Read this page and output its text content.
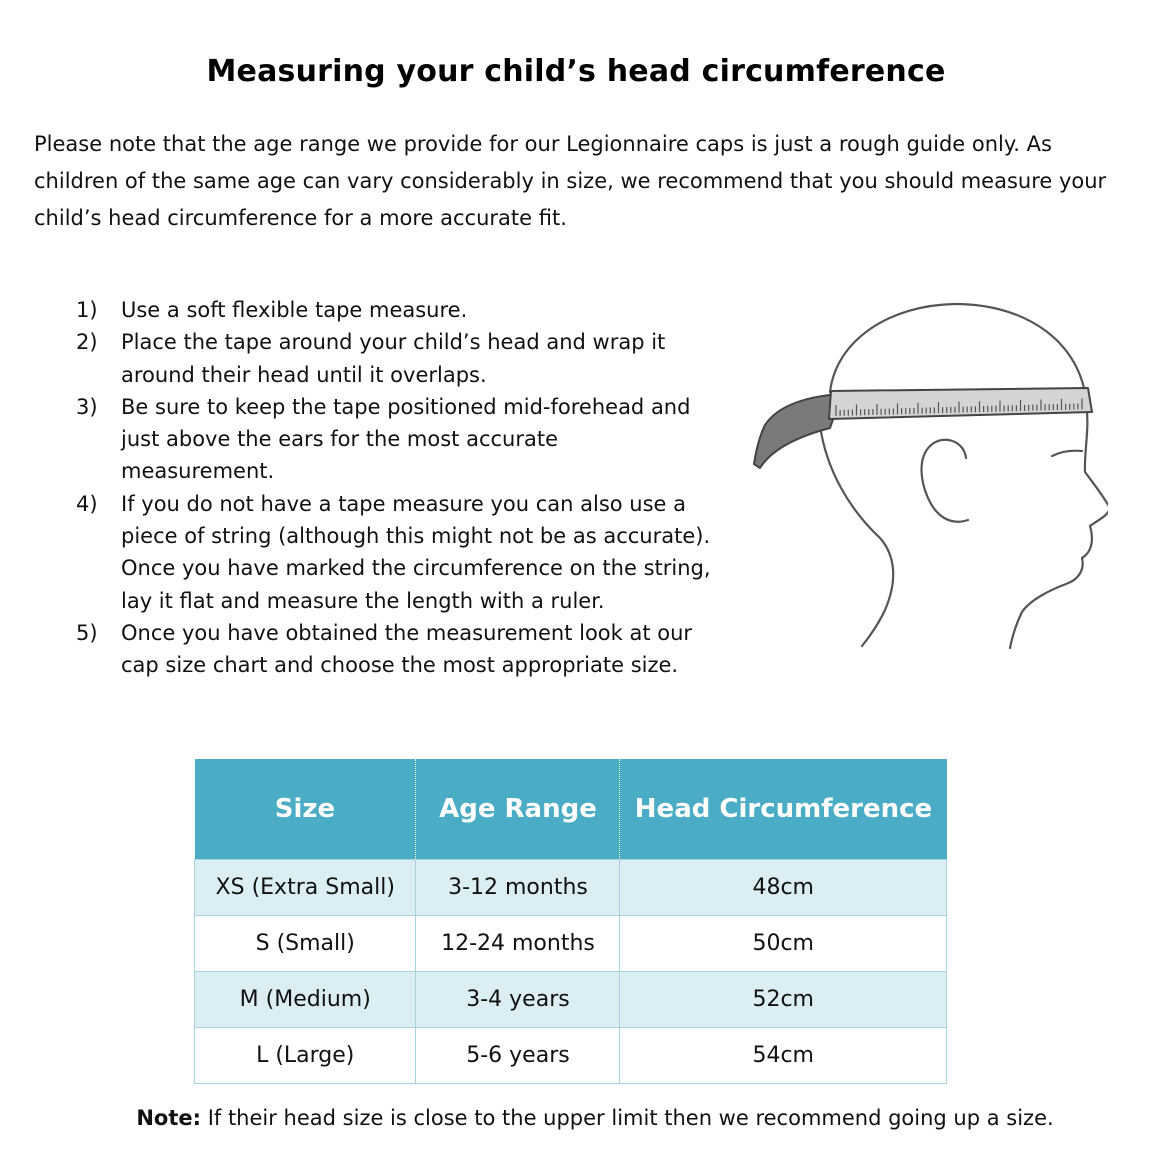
Measuring your child’s head circumference
Please note that the age range we provide for our Legionnaire caps is just a rough guide only. As children of the same age can vary considerably in size, we recommend that you should measure your child’s head circumference for a more accurate fit.
1) Use a soft flexible tape measure.
2) Place the tape around your child’s head and wrap it around their head until it overlaps.
3) Be sure to keep the tape positioned mid-forehead and just above the ears for the most accurate measurement.
4) If you do not have a tape measure you can also use a piece of string (although this might not be as accurate). Once you have marked the circumference on the string, lay it flat and measure the length with a ruler.
5) Once you have obtained the measurement look at our cap size chart and choose the most appropriate size.
Size	Age Range	Head Circumference
XS (Extra Small)	3-12 months	48cm
S (Small)	12-24 months	50cm
M (Medium)	3-4 years	52cm
L (Large)	5-6 years	54cm
Note: If their head size is close to the upper limit then we recommend going up a size.
